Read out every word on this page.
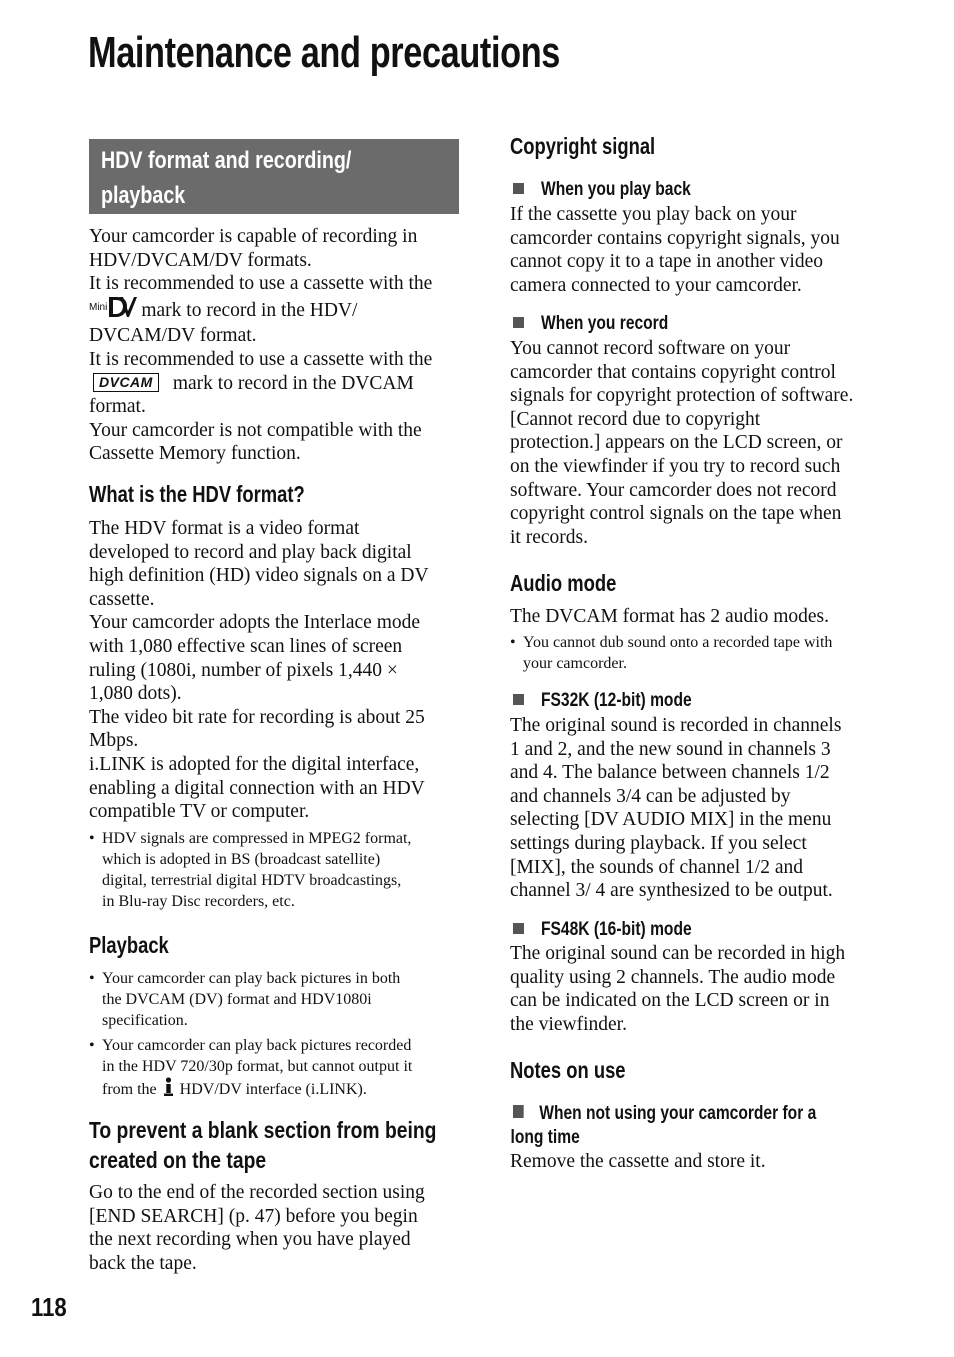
Maintenance and precautions
HDV format and recording/
playback
Your camcorder is capable of recording in
HDV/DVCAM/DV formats.
It is recommended to use a cassette with the
$^{Mini}$ mark to record in the HDV/
DVCAM/DV format.
It is recommended to use a cassette with the
DVCAM mark to record in the DVCAM
format.
Your camcorder is not compatible with the
Cassette Memory function.
What is the HDV format?
The HDV format is a video format
developed to record and play back digital
high definition (HD) video signals on a DV
cassette.
Your camcorder adopts the Interlace mode
with 1,080 effective scan lines of screen
ruling (1080i, number of pixels 1,440 ×
1,080 dots).
The video bit rate for recording is about 25
Mbps.
i.LINK is adopted for the digital interface,
enabling a digital connection with an HDV
compatible TV or computer.
• HDV signals are compressed in MPEG2 format,
which is adopted in BS (broadcast satellite)
digital, terrestrial digital HDTV broadcastings,
in Blu-ray Disc recorders, etc.
Playback
• Your camcorder can play back pictures in both
the DVCAM (DV) format and HDV1080i
specification.
• Your camcorder can play back pictures recorded
in the HDV 720/30p format, but cannot output it
from the HDV/DV interface (i.LINK).
To prevent a blank section from being created on the tape
Go to the end of the recorded section using
[END SEARCH] (p. 47) before you begin
the next recording when you have played
back the tape.
Copyright signal
When you play back
If the cassette you play back on your
camcorder contains copyright signals, you
cannot copy it to a tape in another video
camera connected to your camcorder.
When you record
You cannot record software on your
camcorder that contains copyright control
signals for copyright protection of software.
[Cannot record due to copyright
protection.] appears on the LCD screen, or
on the viewfinder if you try to record such
software. Your camcorder does not record
copyright control signals on the tape when
it records.
Audio mode
The DVCAM format has 2 audio modes.
• You cannot dub sound onto a recorded tape with
your camcorder.
FS32K (12-bit) mode
The original sound is recorded in channels
1 and 2, and the new sound in channels 3
and 4. The balance between channels 1/2
and channels 3/4 can be adjusted by
selecting [DV AUDIO MIX] in the menu
settings during playback. If you select
[MIX], the sounds of channel 1/2 and
channel 3/ 4 are synthesized to be output.
FS48K (16-bit) mode
The original sound can be recorded in high
quality using 2 channels. The audio mode
can be indicated on the LCD screen or in
the viewfinder.
Notes on use
When not using your camcorder for a
long time
Remove the cassette and store it.
118
